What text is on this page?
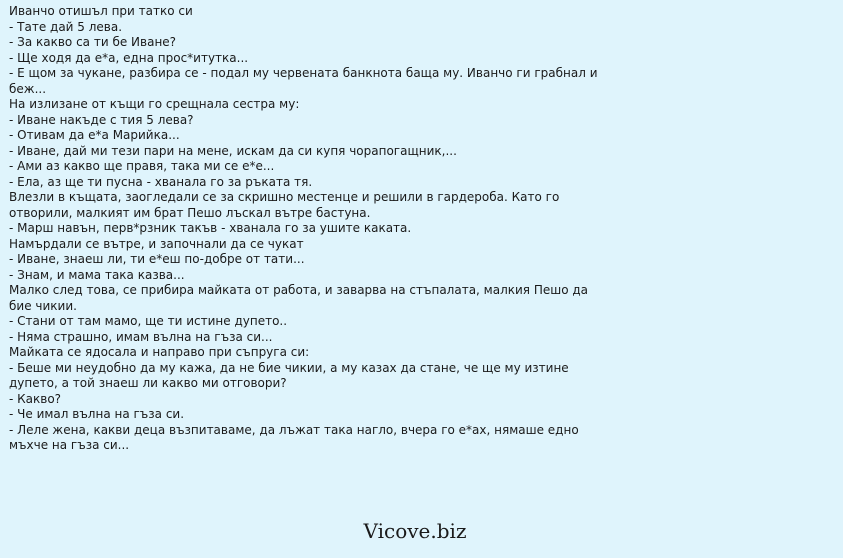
Иванчо отишъл при татко си
- Тате дай 5 лева.
- За какво са ти бе Иване?
- Ще ходя да е*а, една прос*итутка...
- Е щом за чукане, разбира се - подал му червената банкнота баща му. Иванчо ги грабнал и беж...
На излизане от къщи го срещнала сестра му:
- Иване накъде с тия 5 лева?
- Отивам да е*а Марийка...
- Иване, дай ми тези пари на мене, искам да си купя чорапогащник,...
- Ами аз какво ще правя, така ми се е*е...
- Ела, аз ще ти пусна - хванала го за ръката тя.
Влезли в къщата, заогледали се за скришно местенце и решили в гардероба. Като го отворили, малкият им брат Пешо лъскал вътре бастуна.
- Марш навън, перв*рзник такъв - хванала го за ушите каката.
Намърдали се вътре, и започнали да се чукат
- Иване, знаеш ли, ти е*еш по-добре от тати...
- Знам, и мама така казва...
Малко след това, се прибира майката от работа, и заварва на стъпалата, малкия Пешо да бие чикии.
- Стани от там мамо, ще ти истине дупето..
- Няма страшно, имам вълна на гъза си...
Майката се ядосала и направо при съпруга си:
- Беше ми неудобно да му кажа, да не бие чикии, а му казах да стане, че ще му изтине дупето, а той знаеш ли какво ми отговори?
- Какво?
- Че имал вълна на гъза си.
- Леле жена, какви деца възпитаваме, да лъжат така нагло, вчера го е*ах, нямаше едно мъхче на гъза си...
Vicove.biz
